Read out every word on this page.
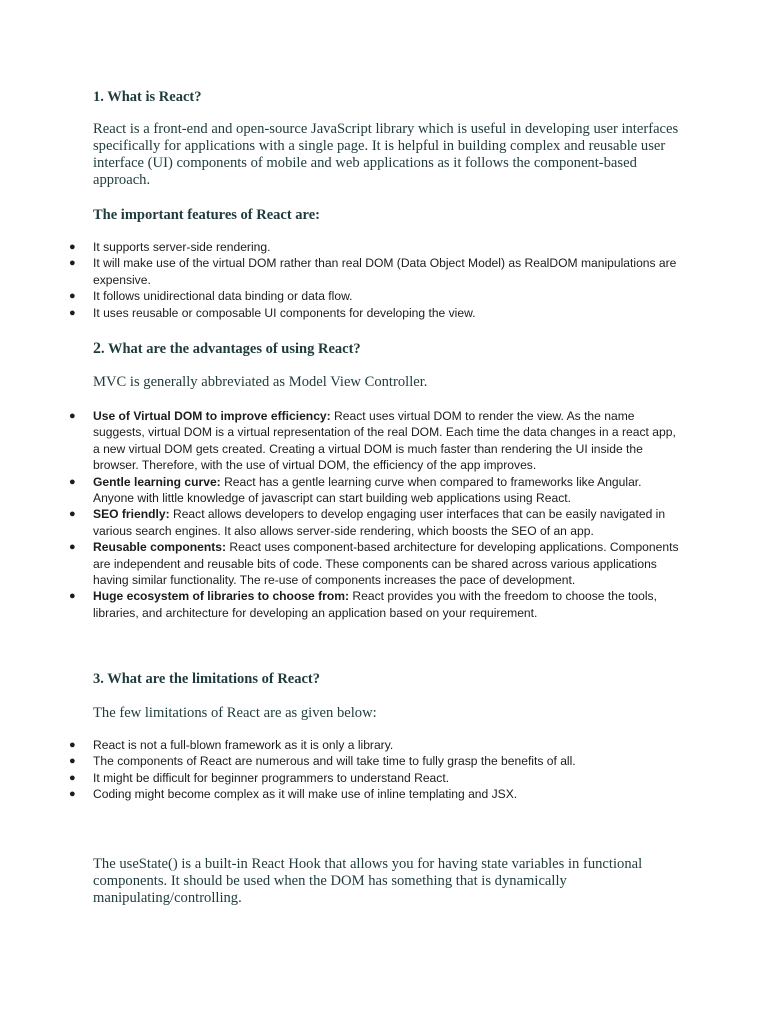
1. What is React?

React is a front-end and open-source JavaScript library which is useful in developing user interfaces specifically for applications with a single page. It is helpful in building complex and reusable user interface (UI) components of mobile and web applications as it follows the component-based approach.

The important features of React are:
● It supports server-side rendering.
● It will make use of the virtual DOM rather than real DOM (Data Object Model) as RealDOM manipulations are expensive.
● It follows unidirectional data binding or data flow.
● It uses reusable or composable UI components for developing the view.
2. What are the advantages of using React?

MVC is generally abbreviated as Model View Controller.

● Use of Virtual DOM to improve efficiency: React uses virtual DOM to render the view. As the name suggests, virtual DOM is a virtual representation of the real DOM. Each time the data changes in a react app, a new virtual DOM gets created. Creating a virtual DOM is much faster than rendering the UI inside the browser. Therefore, with the use of virtual DOM, the efficiency of the app improves.
● Gentle learning curve: React has a gentle learning curve when compared to frameworks like Angular. Anyone with little knowledge of javascript can start building web applications using React.
● SEO friendly: React allows developers to develop engaging user interfaces that can be easily navigated in various search engines. It also allows server-side rendering, which boosts the SEO of an app.
● Reusable components: React uses component-based architecture for developing applications. Components are independent and reusable bits of code. These components can be shared across various applications having similar functionality. The re-use of components increases the pace of development.
● Huge ecosystem of libraries to choose from: React provides you with the freedom to choose the tools, libraries, and architecture for developing an application based on your requirement.
3. What are the limitations of React?

The few limitations of React are as given below:

● React is not a full-blown framework as it is only a library.
● The components of React are numerous and will take time to fully grasp the benefits of all.
● It might be difficult for beginner programmers to understand React.
● Coding might become complex as it will make use of inline templating and JSX.

The useState() is a built-in React Hook that allows you for having state variables in functional components. It should be used when the DOM has something that is dynamically manipulating/controlling.
